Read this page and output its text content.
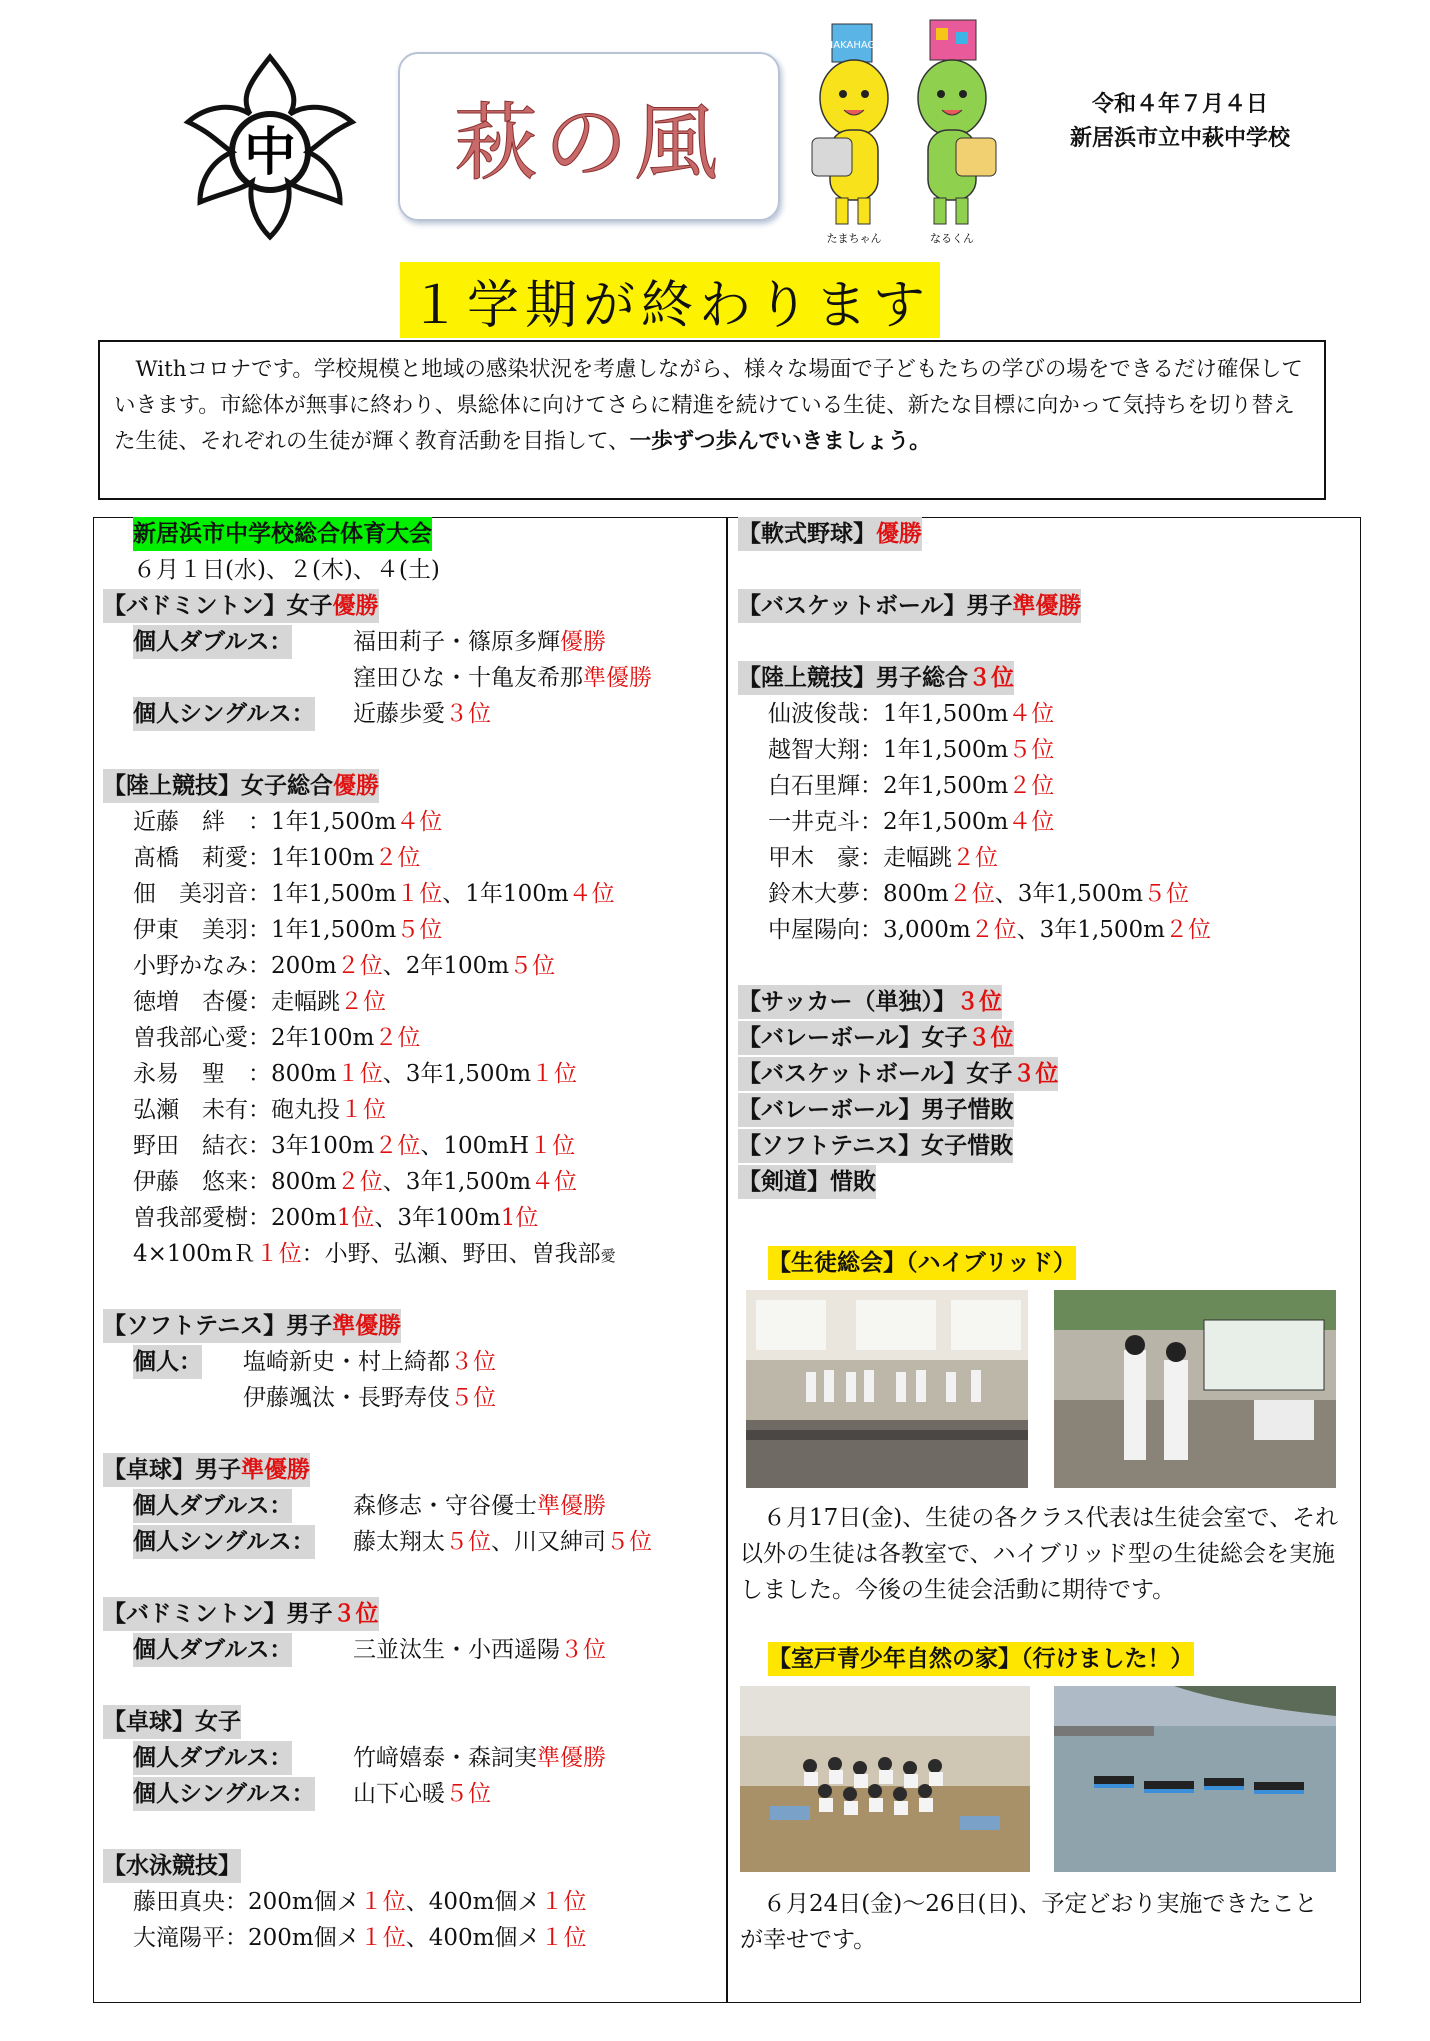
中	萩の風
NAKAHAGI
たまちゃん	なるくん
令和４年７月４日
新居浜市立中萩中学校
１学期が終わります
　Withコロナです。学校規模と地域の感染状況を考慮しながら、様々な場面で子どもたちの学びの場をできるだけ確保していきます。市総体が無事に終わり、県総体に向けてさらに精進を続けている生徒、新たな目標に向かって気持ちを切り替えた生徒、それぞれの生徒が輝く教育活動を目指して、一歩ずつ歩んでいきましょう。
新居浜市中学校総合体育大会
６月１日(水)、２(木)、４(土)
【バドミントン】女子優勝
個人ダブルス：	福田莉子・篠原多輝優勝
窪田ひな・十亀友希那準優勝
個人シングルス： 近藤歩愛３位
【陸上競技】女子総合優勝
近藤　絆　：1年1,500m４位
髙橋　莉愛：1年100m２位
佃　美羽音：1年1,500m１位、1年100m４位
伊東　美羽：1年1,500m５位
小野かなみ：200m２位、2年100m５位
徳増　杏優：走幅跳２位
曽我部心愛：2年100m２位
永易　聖　：800m１位、3年1,500m１位
弘瀬　未有：砲丸投１位
野田　結衣：3年100m２位、100mH１位
伊藤　悠来：800m２位、3年1,500m４位
曽我部愛樹：200m1位、3年100m1位
4×100mＲ１位：小野、弘瀬、野田、曽我部愛
【ソフトテニス】男子準優勝
個人： 塩崎新史・村上綺都３位
伊藤颯汰・長野寿伎５位
【卓球】男子準優勝
個人ダブルス：	森修志・守谷優士準優勝
個人シングルス： 藤太翔太５位、川又紳司５位
【バドミントン】男子３位
個人ダブルス：	三並汰生・小西遥陽３位
【卓球】女子
個人ダブルス：	竹﨑嬉泰・森詞実準優勝
個人シングルス： 山下心暖５位
【水泳競技】
藤田真央：200m個メ１位、400m個メ１位
大滝陽平：200m個メ１位、400m個メ１位
【軟式野球】優勝
【バスケットボール】男子準優勝
【陸上競技】男子総合３位
仙波俊哉：1年1,500m４位
越智大翔：1年1,500m５位
白石里輝：2年1,500m２位
一井克斗：2年1,500m４位
甲木　豪：走幅跳２位
鈴木大夢：800m２位、3年1,500m５位
中屋陽向：3,000m２位、3年1,500m２位
【サッカー（単独）】３位
【バレーボール】女子３位
【バスケットボール】女子３位
【バレーボール】男子惜敗
【ソフトテニス】女子惜敗
【剣道】惜敗
【生徒総会】（ハイブリッド）
　６月17日(金)、生徒の各クラス代表は生徒会室で、それ以外の生徒は各教室で、ハイブリッド型の生徒総会を実施しました。今後の生徒会活動に期待です。
【室戸青少年自然の家】（行けました！）
　６月24日(金)～26日(日)、予定どおり実施できたことが幸せです。
